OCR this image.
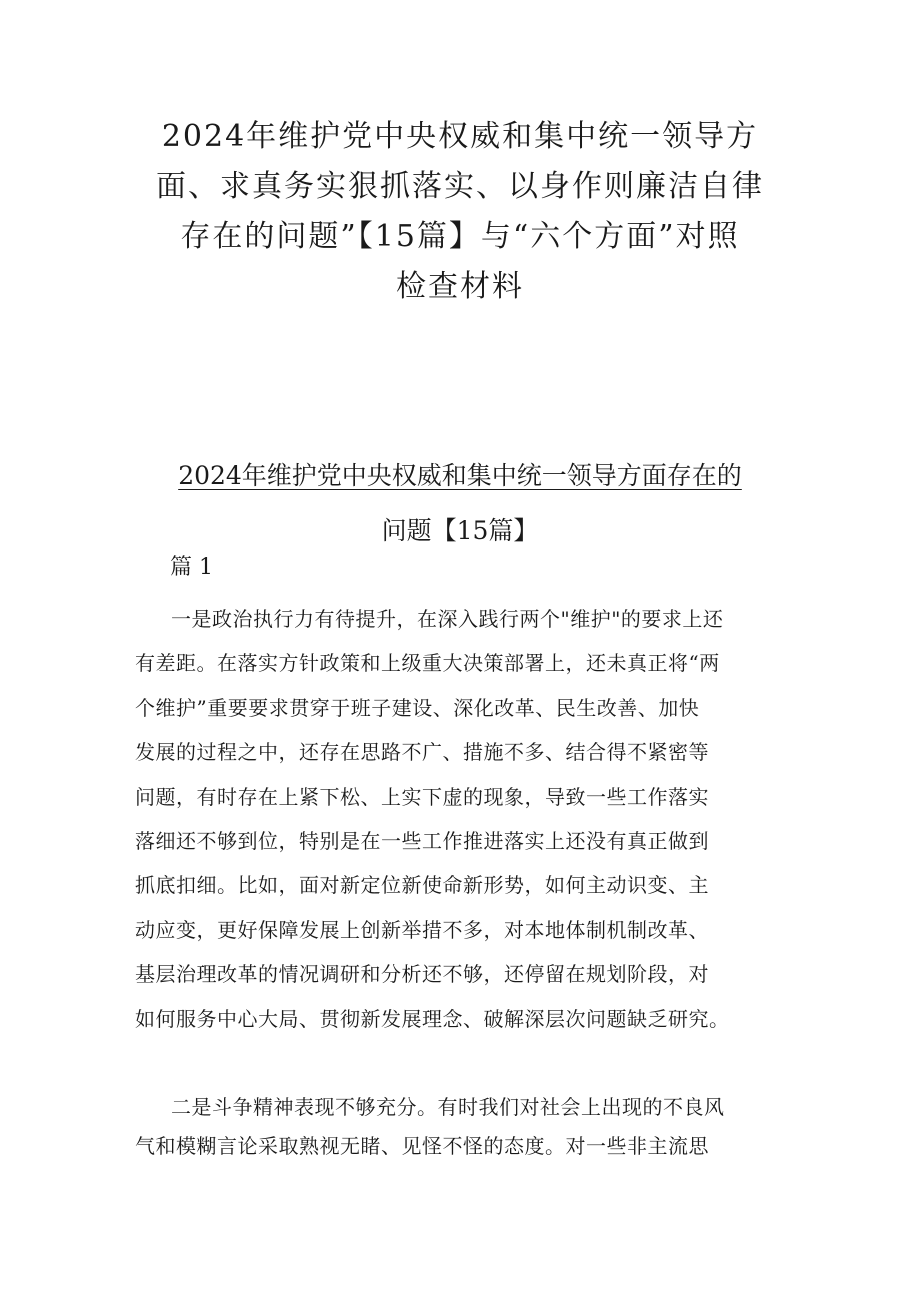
2024年维护党中央权威和集中统一领导方
面、求真务实狠抓落实、以身作则廉洁自律
存在的问题”【15篇】与“六个方面”对照
检查材料
2024年维护党中央权威和集中统一领导方面存在的
问题【15篇】
篇 1

一是政治执行力有待提升，在深入践行两个"维护"的要求上还
有差距。在落实方针政策和上级重大决策部署上，还未真正将“两
个维护”重要要求贯穿于班子建设、深化改革、民生改善、加快
发展的过程之中，还存在思路不广、措施不多、结合得不紧密等
问题，有时存在上紧下松、上实下虚的现象，导致一些工作落实
落细还不够到位，特别是在一些工作推进落实上还没有真正做到
抓底扣细。比如，面对新定位新使命新形势，如何主动识变、主
动应变，更好保障发展上创新举措不多，对本地体制机制改革、
基层治理改革的情况调研和分析还不够，还停留在规划阶段，对
如何服务中心大局、贯彻新发展理念、破解深层次问题缺乏研究。

二是斗争精神表现不够充分。有时我们对社会上出现的不良风
气和模糊言论采取熟视无睹、见怪不怪的态度。对一些非主流思
